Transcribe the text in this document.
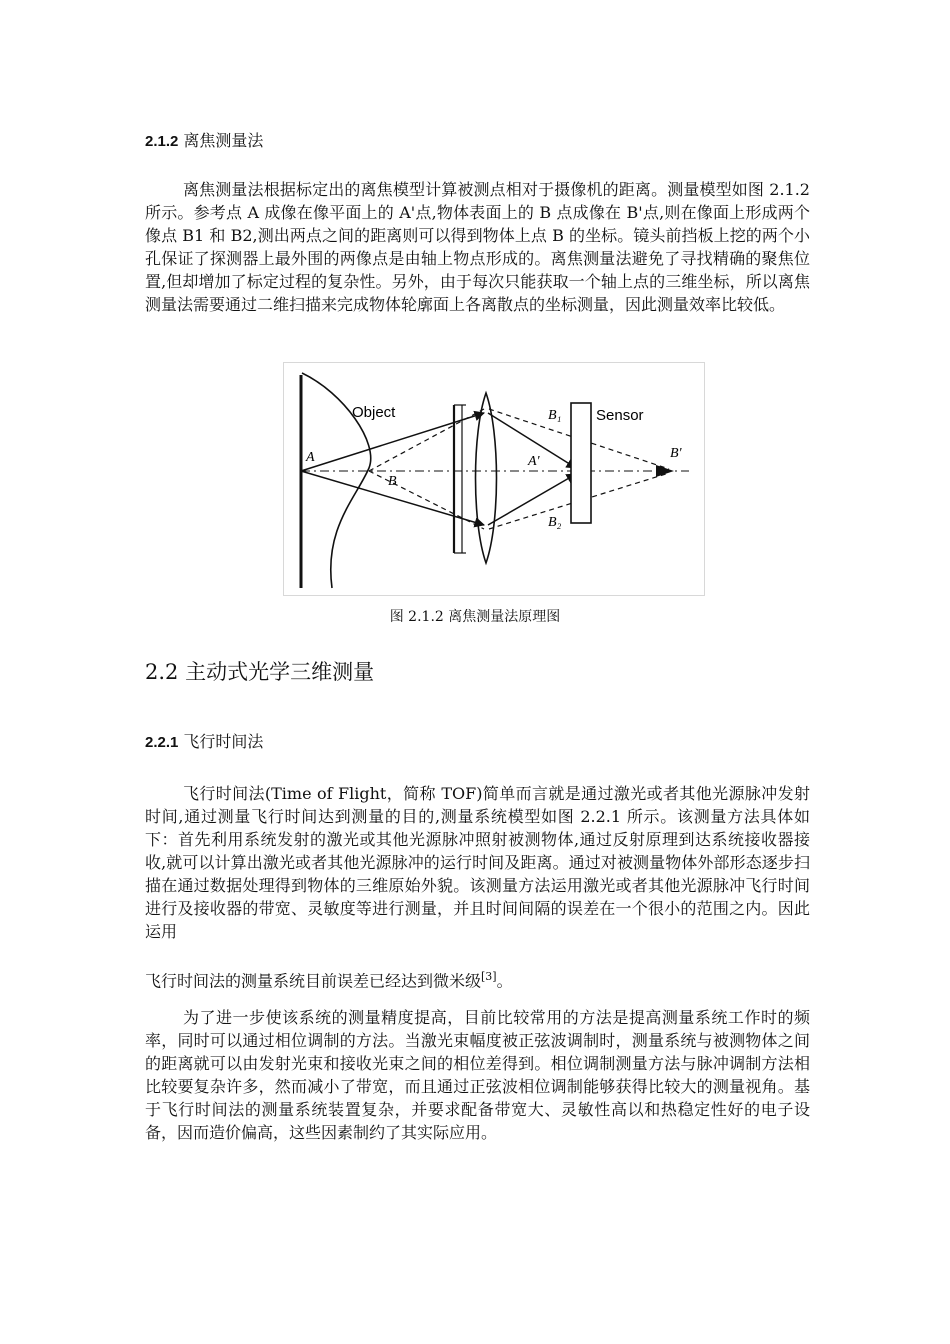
2.1.2 离焦测量法

离焦测量法根据标定出的离焦模型计算被测点相对于摄像机的距离。测量模型如图 2.1.2 所示。参考点 A 成像在像平面上的 A'点,物体表面上的 B 点成像在 B'点,则在像面上形成两个像点 B1 和 B2,测出两点之间的距离则可以得到物体上点 B 的坐标。镜头前挡板上挖的两个小孔保证了探测器上最外围的两像点是由轴上物点形成的。离焦测量法避免了寻找精确的聚焦位置,但却增加了标定过程的复杂性。另外，由于每次只能获取一个轴上点的三维坐标，所以离焦测量法需要通过二维扫描来完成物体轮廓面上各离散点的坐标测量，因此测量效率比较低。

Object	Sensor
A
B
A'
B₁
B₂
B'
图 2.1.2 离焦测量法原理图
2.2 主动式光学三维测量
2.2.1 飞行时间法

飞行时间法(Time of Flight，简称 TOF)简单而言就是通过激光或者其他光源脉冲发射时间,通过测量飞行时间达到测量的目的,测量系统模型如图 2.2.1 所示。该测量方法具体如下：首先利用系统发射的激光或其他光源脉冲照射被测物体,通过反射原理到达系统接收器接收,就可以计算出激光或者其他光源脉冲的运行时间及距离。通过对被测量物体外部形态逐步扫描在通过数据处理得到物体的三维原始外貌。该测量方法运用激光或者其他光源脉冲飞行时间进行及接收器的带宽、灵敏度等进行测量，并且时间间隔的误差在一个很小的范围之内。因此运用

飞行时间法的测量系统目前误差已经达到微米级[3]。

为了进一步使该系统的测量精度提高，目前比较常用的方法是提高测量系统工作时的频率，同时可以通过相位调制的方法。当激光束幅度被正弦波调制时，测量系统与被测物体之间的距离就可以由发射光束和接收光束之间的相位差得到。相位调制测量方法与脉冲调制方法相比较要复杂许多，然而减小了带宽，而且通过正弦波相位调制能够获得比较大的测量视角。基于飞行时间法的测量系统装置复杂，并要求配备带宽大、灵敏性高以和热稳定性好的电子设备，因而造价偏高，这些因素制约了其实际应用。
